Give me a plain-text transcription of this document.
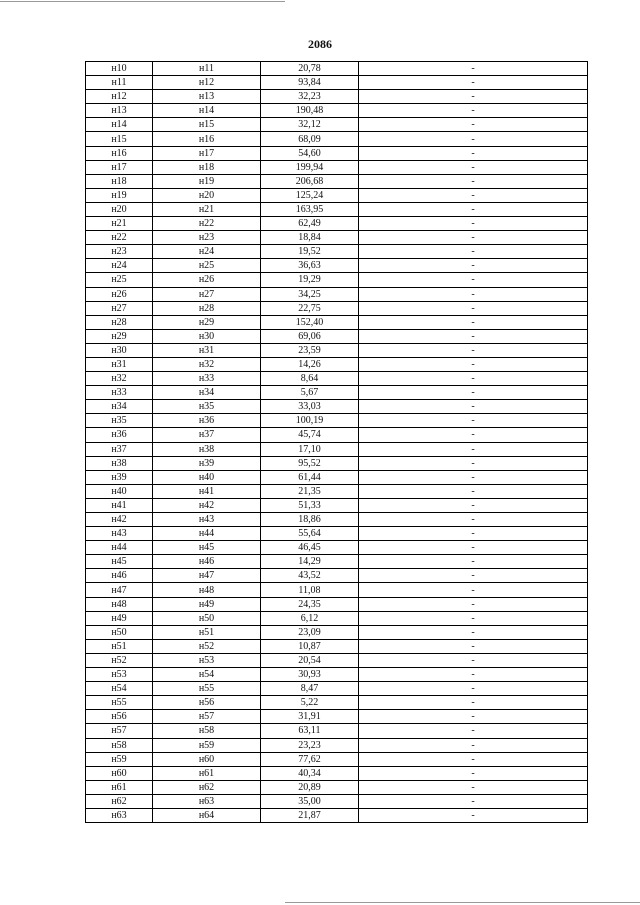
2086
н10	н11	20,78	-
н11	н12	93,84	-
н12	н13	32,23	-
н13	н14	190,48	-
н14	н15	32,12	-
н15	н16	68,09	-
н16	н17	54,60	-
н17	н18	199,94	-
н18	н19	206,68	-
н19	н20	125,24	-
н20	н21	163,95	-
н21	н22	62,49	-
н22	н23	18,84	-
н23	н24	19,52	-
н24	н25	36,63	-
н25	н26	19,29	-
н26	н27	34,25	-
н27	н28	22,75	-
н28	н29	152,40	-
н29	н30	69,06	-
н30	н31	23,59	-
н31	н32	14,26	-
н32	н33	8,64	-
н33	н34	5,67	-
н34	н35	33,03	-
н35	н36	100,19	-
н36	н37	45,74	-
н37	н38	17,10	-
н38	н39	95,52	-
н39	н40	61,44	-
н40	н41	21,35	-
н41	н42	51,33	-
н42	н43	18,86	-
н43	н44	55,64	-
н44	н45	46,45	-
н45	н46	14,29	-
н46	н47	43,52	-
н47	н48	11,08	-
н48	н49	24,35	-
н49	н50	6,12	-
н50	н51	23,09	-
н51	н52	10,87	-
н52	н53	20,54	-
н53	н54	30,93	-
н54	н55	8,47	-
н55	н56	5,22	-
н56	н57	31,91	-
н57	н58	63,11	-
н58	н59	23,23	-
н59	н60	77,62	-
н60	н61	40,34	-
н61	н62	20,89	-
н62	н63	35,00	-
н63	н64	21,87	-
